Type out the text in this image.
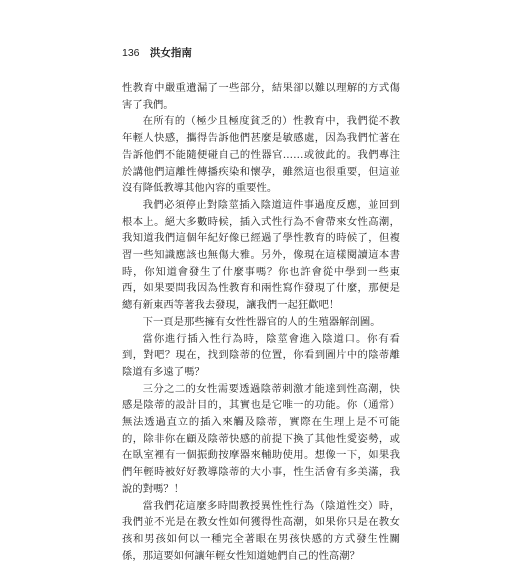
136 洪女指南

性教育中嚴重遺漏了一些部分，結果卻以難以理解的方式傷害了我們。

在所有的（極少且極度貧乏的）性教育中，我們從不教年輕人快感，攜得告訴他們甚麼是敏感處，因為我們忙著在告訴他們不能隨便碰自己的性器官……或彼此的。我們專注於講他們這離性傳播疾染和懷孕，雖然這也很重要，但這並沒有降低教導其他內容的重要性。

我們必須停止對陰莖插入陰道這件事過度反應，並回到根本上。絕大多數時候，插入式性行為不會帶來女性高潮，我知道我們這個年紀好像已經過了學性教育的時候了，但複習一些知識應該也無傷大雅。另外，像現在這樣閱讀這本書時，你知道會發生了什麼事嗎？你也許會從中學到一些東西，如果要問我因為性教育和兩性寫作發現了什麼，那便是總有新東西等著我去發現，讓我們一起狂歡吧！

下一頁是那些擁有女性性器官的人的生殖器解剖圖。

當你進行插入性行為時，陰莖會進入陰道口。你有看到，對吧？現在，找到陰蒂的位置，你看到圖片中的陰蒂離陰道有多遠了嗎？

三分之二的女性需要透過陰蒂刺激才能達到性高潮，快感是陰蒂的設計目的，其實也是它唯一的功能。你（通常）無法透過直立的插入來觸及陰蒂，實際在生理上是不可能的，除非你在顧及陰蒂快感的前提下換了其他性愛姿勢，或在臥室裡有一個振動按摩器來輔助使用。想像一下，如果我們年輕時被好好教導陰蒂的大小事，性生活會有多美滿，我說的對嗎？！

當我們花這麼多時間教授異性性行為（陰道性交）時，我們並不光是在教女性如何獲得性高潮，如果你只是在教女孩和男孩如何以一種完全著眼在男孩快感的方式發生性關係，那這要如何讓年輕女性知道她們自己的性高潮？
